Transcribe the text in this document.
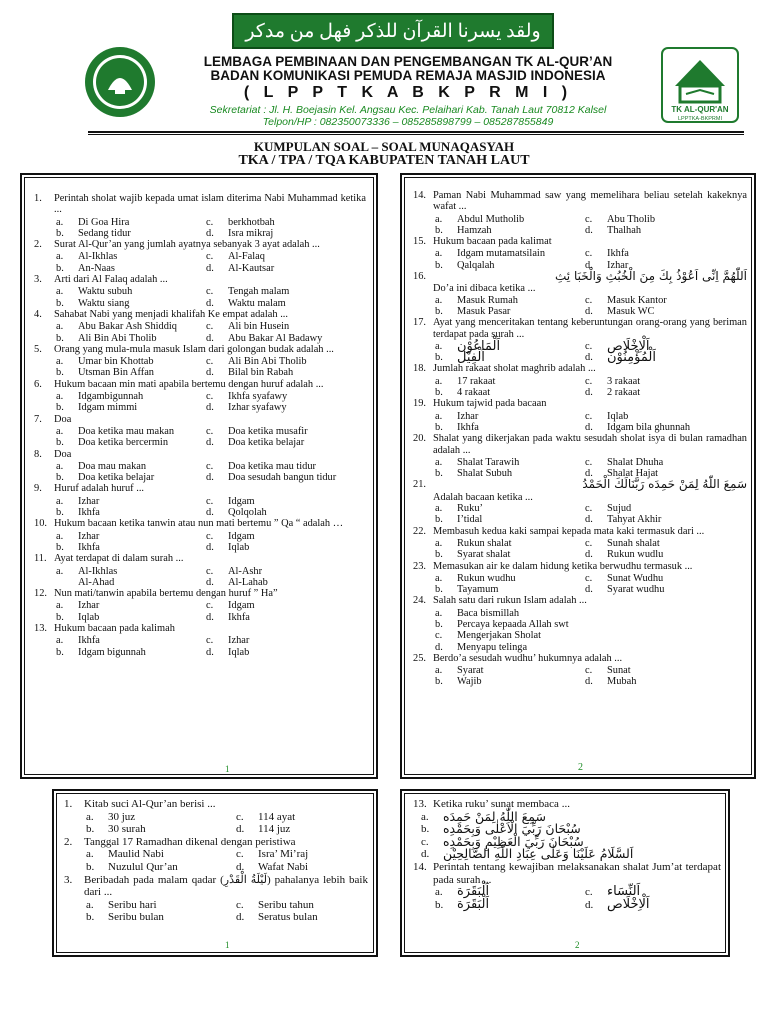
ولقد يسرنا القرآن للذكر فهل من مدكر
TK AL-QUR'AN
LPPTKA-BKPRMI
LEMBAGA PEMBINAAN DAN PENGEMBANGAN TK AL-QUR’AN
BADAN KOMUNIKASI PEMUDA REMAJA MASJID INDONESIA
( L P P T K A B K P R M I )
Sekretariat : Jl. H. Boejasin Kel. Angsau Kec. Pelaihari Kab. Tanah Laut 70812 Kalsel
Telpon/HP : 082350073336 – 085285898799 – 085287855849
KUMPULAN SOAL – SOAL MUNAQASYAH
TKA / TPA / TQA KABUPATEN TANAH LAUT
1.	Perintah sholat wajib kepada umat islam diterima Nabi Muhammad ketika ...
a.	Di Goa Hira	c.	berkhotbah
b.	Sedang tidur	d.	Isra mikraj
2.	Surat Al-Qur’an yang jumlah ayatnya sebanyak 3 ayat adalah ...
a.	Al-Ikhlas	c.	Al-Falaq
b.	An-Naas	d.	Al-Kautsar
3.	Arti dari Al Falaq adalah ...
a.	Waktu subuh	c.	Tengah malam
b.	Waktu siang	d.	Waktu malam
4.	Sahabat Nabi yang menjadi khalifah Ke empat adalah ...
a.	Abu Bakar Ash Shiddiq	c.	Ali bin Husein
b.	Ali Bin Abi Tholib	d.	Abu Bakar Al Badawy
5.	Orang yang mula-mula masuk Islam dari golongan budak adalah ...
a.	Umar bin Khottab	c.	Ali Bin Abi Tholib
b.	Utsman Bin Affan	d.	Bilal bin Rabah
6.	Hukum bacaan min mati apabila bertemu dengan huruf adalah ...
a.	Idgambigunnah	c.	Ikhfa syafawy
b.	Idgam mimmi	d.	Izhar syafawy
7.	Doa
a.	Doa ketika mau makan	c.	Doa ketika musafir
b.	Doa ketika bercermin	d.	Doa ketika belajar
8.	Doa
a.	Doa mau makan	c.	Doa ketika mau tidur
b.	Doa ketika belajar	d.	Doa sesudah bangun tidur
9.	Huruf adalah huruf ...
a.	Izhar	c.	Idgam
b.	Ikhfa	d.	Qolqolah
10. Hukum bacaan ketika tanwin atau nun mati bertemu ” Qa “ adalah …
a.	Izhar	c.	Idgam
b.	Ikhfa	d.	Iqlab
11. Ayat terdapat di dalam surah ...
a.	Al-Ikhlas	c.	Al-Ashr
Al-Ahad	d.	Al-Lahab
12. Nun mati/tanwin apabila bertemu dengan huruf ” Ha”
a.	Izhar	c.	Idgam
b.	Iqlab	d.	Ikhfa
13. Hukum bacaan pada kalimah
a.	Ikhfa	c.	Izhar
b.	Idgam bigunnah	d.	Iqlab
1
14. Paman Nabi Muhammad saw yang memelihara beliau setelah kakeknya wafat ...
a.	Abdul Mutholib	c.	Abu Tholib
b.	Hamzah	d.	Thalhah
15. Hukum bacaan pada kalimat
a.	Idgam mutamatsilain	c.	Ikhfa
b.	Qalqalah	d.	Izhar
16.	اَللّٰهُمَّ اِنِّى اَعُوْذُ بِكَ مِنَ الْخُبُثِ وَالْخَبَا ئِثِ
Do’a ini dibaca ketika ...
a.	Masuk Rumah	c.	Masuk Kantor
b.	Masuk Pasar	d.	Masuk WC
17. Ayat yang menceritakan tentang keberuntungan orang-orang yang beriman terdapat pada surah ...
a.	اَلْمَاعُوْن	c.	اَلْاِخْلَاص
b.	اَلْفِيْل	d.	اَلْمُؤْمِنُوْن
18. Jumlah rakaat sholat maghrib adalah ...
a.	17 rakaat	c.	3 rakaat
b.	4 rakaat	d.	2 rakaat
19. Hukum tajwid pada bacaan
a.	Izhar	c.	Iqlab
b.	Ikhfa	d.	Idgam bila ghunnah
20. Shalat yang dikerjakan pada waktu sesudah sholat isya di bulan ramadhan adalah ...
a.	Shalat Tarawih	c.	Shalat Dhuha
b.	Shalat Subuh	d.	Shalat Hajat
21.	سَمِعَ اللّٰهُ لِمَنْ حَمِدَه رَبَّنَالَكَ الْحَمْدُ
Adalah bacaan ketika ...
a.	Ruku’	c.	Sujud
b.	I’tidal	d.	Tahyat Akhir
22. Membasuh kedua kaki sampai kepada mata kaki termasuk dari ...
a.	Rukun shalat	c.	Sunah shalat
b.	Syarat shalat	d.	Rukun wudlu
23. Memasukan air ke dalam hidung ketika berwudhu termasuk ...
a.	Rukun wudhu	c.	Sunat Wudhu
b.	Tayamum	d.	Syarat wudhu
24. Salah satu dari rukun Islam adalah ...
a.	Baca bismillah
b.	Percaya kepaada Allah swt
c.	Mengerjakan Sholat
d.	Menyapu telinga
25. Berdo’a sesudah wudhu’ hukumnya adalah ...
a.	Syarat	c.	Sunat
b.	Wajib	d.	Mubah
2
1.	Kitab suci Al-Qur’an berisi ...
a.	30 juz	c.	114 ayat
b.	30 surah	d.	114 juz
2.	Tanggal 17 Ramadhan dikenal dengan peristiwa
a.	Maulid Nabi	c.	Isra’ Mi’raj
b.	Nuzulul Qur’an	d.	Wafat Nabi
3.	Beribadah pada malam qadar (لَيْلَةُ الْقَدْرِ) pahalanya lebih baik dari ...
a.	Seribu hari	c.	Seribu tahun
b.	Seribu bulan	d.	Seratus bulan
1
13. Ketika ruku’ sunat membaca ...
a.	سَمِعَ اللّٰهُ لِمَنْ حَمِدَه
b.	سُبْحَانَ رَبِّيَ الْاَعْلٰى وَبِحَمْدِه
c.	سُبْحَانَ رَبِّيَ الْعَظِيْمِ وَبِحَمْدِه
d.	اَلسَّلَامُ عَلَيْنَا وَعَلٰى عِبَادِ اللّٰهِ الصَّالِحِيْن
14. Perintah tentang kewajiban melaksanakan shalat Jum’at terdapat pada surah ...
a.	اَلْبَقَرَة	c.	اَلنِّسَاء
b.	اَلْبَقَرَة	d.	اَلْاِخْلَاص
2
